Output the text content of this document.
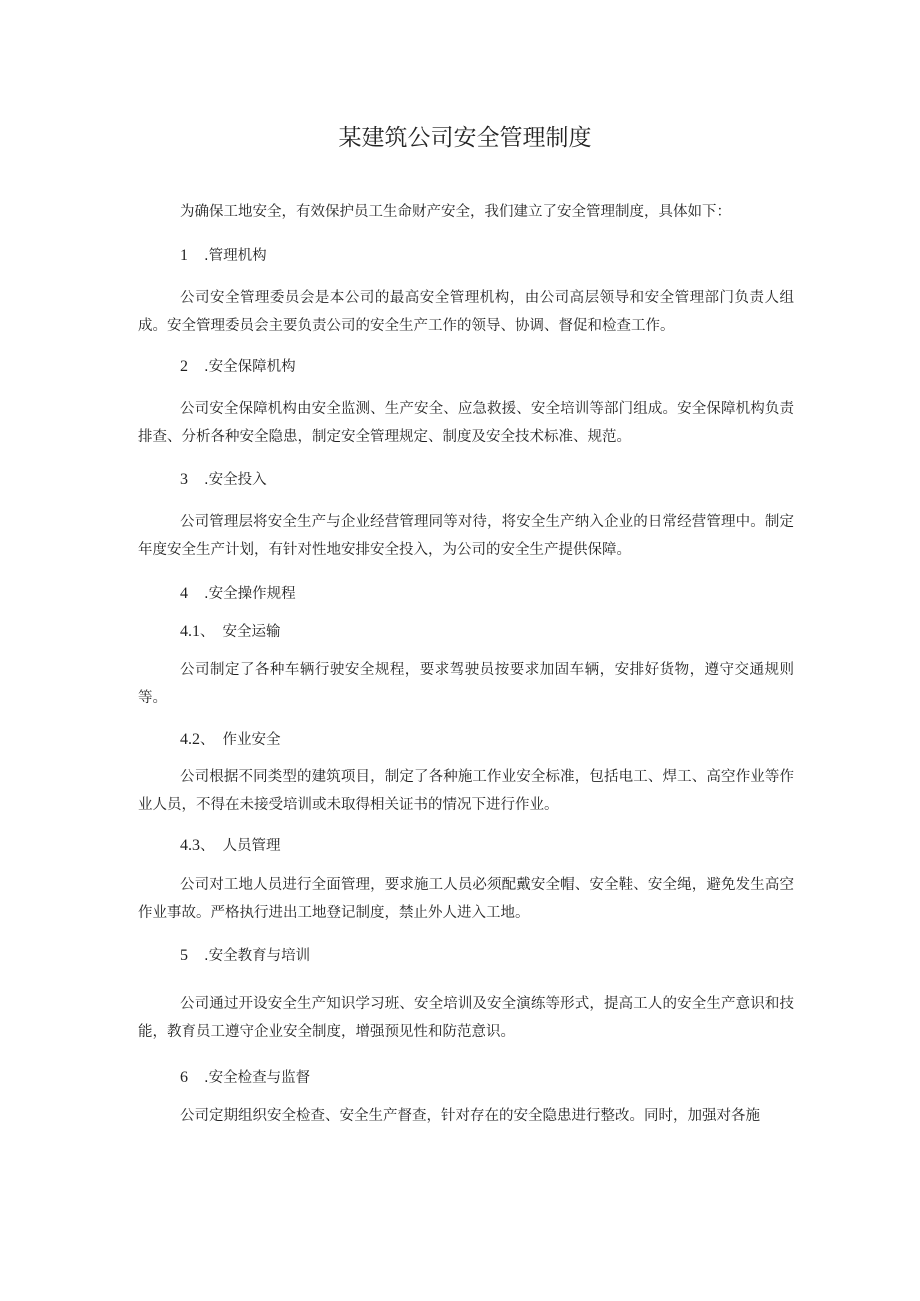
某建筑公司安全管理制度

为确保工地安全，有效保护员工生命财产安全，我们建立了安全管理制度，具体如下：

1 .管理机构

公司安全管理委员会是本公司的最高安全管理机构，由公司高层领导和安全管理部门负责人组成。安全管理委员会主要负责公司的安全生产工作的领导、协调、督促和检查工作。

2 .安全保障机构

公司安全保障机构由安全监测、生产安全、应急救援、安全培训等部门组成。安全保障机构负责排查、分析各种安全隐患，制定安全管理规定、制度及安全技术标准、规范。

3 .安全投入

公司管理层将安全生产与企业经营管理同等对待，将安全生产纳入企业的日常经营管理中。制定年度安全生产计划，有针对性地安排安全投入，为公司的安全生产提供保障。

4 .安全操作规程
4.1、 安全运输

公司制定了各种车辆行驶安全规程，要求驾驶员按要求加固车辆，安排好货物，遵守交通规则等。

4.2、 作业安全

公司根据不同类型的建筑项目，制定了各种施工作业安全标准，包括电工、焊工、高空作业等作业人员，不得在未接受培训或未取得相关证书的情况下进行作业。

4.3、 人员管理

公司对工地人员进行全面管理，要求施工人员必须配戴安全帽、安全鞋、安全绳，避免发生高空作业事故。严格执行进出工地登记制度，禁止外人进入工地。

5 .安全教育与培训

公司通过开设安全生产知识学习班、安全培训及安全演练等形式，提高工人的安全生产意识和技能，教育员工遵守企业安全制度，增强预见性和防范意识。

6 .安全检查与监督

公司定期组织安全检查、安全生产督查，针对存在的安全隐患进行整改。同时，加强对各施
